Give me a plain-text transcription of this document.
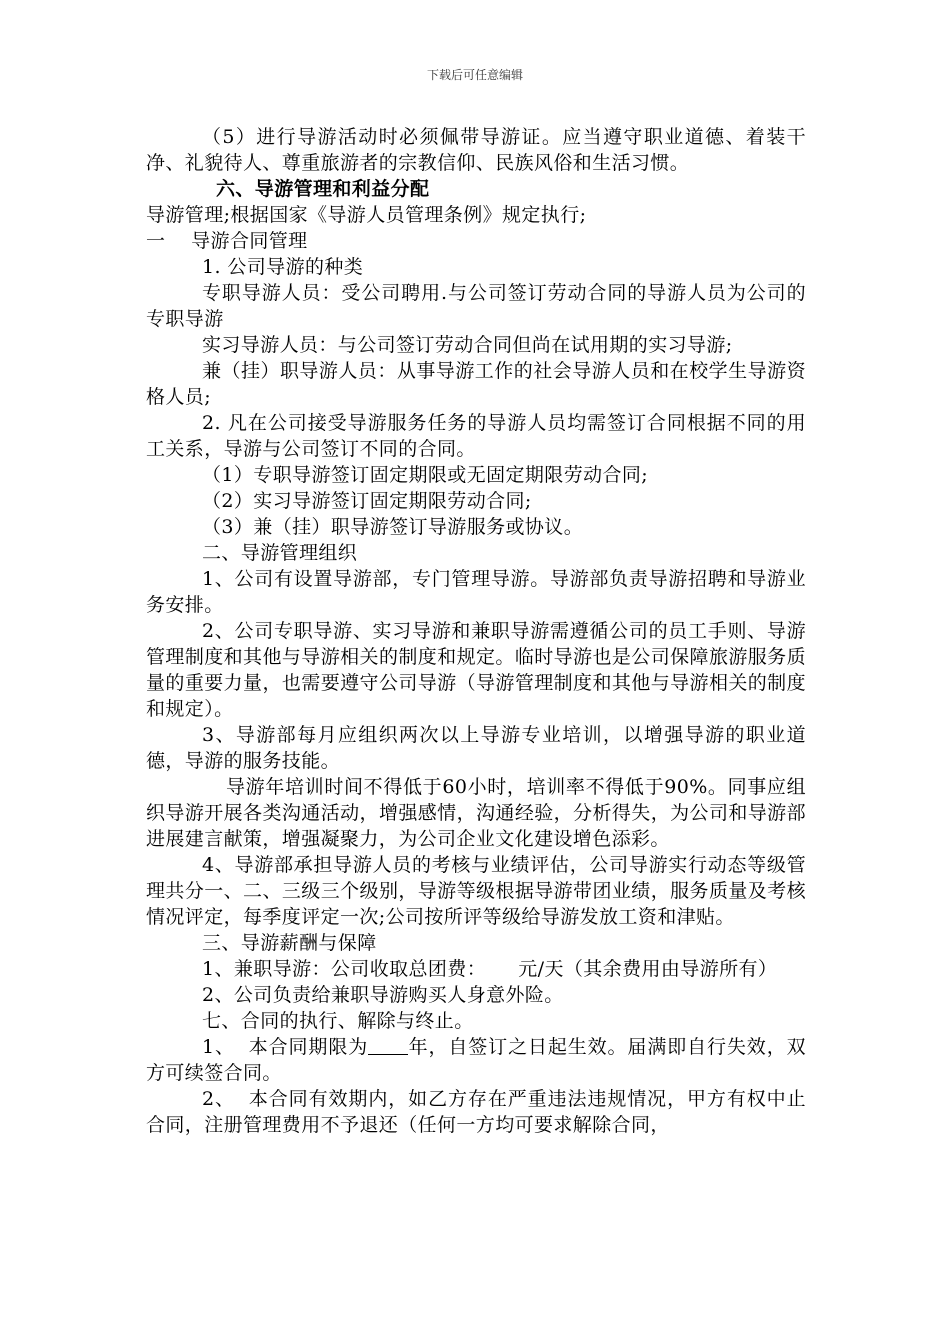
下载后可任意编辑

（5）进行导游活动时必须佩带导游证。应当遵守职业道德、着装干净、礼貌待人、尊重旅游者的宗教信仰、民族风俗和生活习惯。

六、导游管理和利益分配

导游管理;根据国家《导游人员管理条例》规定执行;

一    导游合同管理

1. 公司导游的种类

专职导游人员：受公司聘用.与公司签订劳动合同的导游人员为公司的专职导游

实习导游人员：与公司签订劳动合同但尚在试用期的实习导游;

兼（挂）职导游人员：从事导游工作的社会导游人员和在校学生导游资格人员;

2. 凡在公司接受导游服务任务的导游人员均需签订合同根据不同的用工关系，导游与公司签订不同的合同。

（1）专职导游签订固定期限或无固定期限劳动合同;

（2）实习导游签订固定期限劳动合同;

（3）兼（挂）职导游签订导游服务或协议。

二、导游管理组织

1、公司有设置导游部，专门管理导游。导游部负责导游招聘和导游业务安排。

2、公司专职导游、实习导游和兼职导游需遵循公司的员工手则、导游管理制度和其他与导游相关的制度和规定。临时导游也是公司保障旅游服务质量的重要力量，也需要遵守公司导游（导游管理制度和其他与导游相关的制度和规定）。

3、导游部每月应组织两次以上导游专业培训，以增强导游的职业道德，导游的服务技能。

导游年培训时间不得低于60小时，培训率不得低于90%。同事应组织导游开展各类沟通活动，增强感情，沟通经验，分析得失，为公司和导游部进展建言献策，增强凝聚力，为公司企业文化建设增色添彩。

4、导游部承担导游人员的考核与业绩评估，公司导游实行动态等级管理共分一、二、三级三个级别，导游等级根据导游带团业绩，服务质量及考核情况评定，每季度评定一次;公司按所评等级给导游发放工资和津贴。

三、导游薪酬与保障

1、兼职导游：公司收取总团费：     元/天（其余费用由导游所有）

2、公司负责给兼职导游购买人身意外险。

七、合同的执行、解除与终止。

1、  本合同期限为 年，自签订之日起生效。届满即自行失效，双方可续签合同。

2、  本合同有效期内，如乙方存在严重违法违规情况，甲方有权中止合同，注册管理费用不予退还（任何一方均可要求解除合同，
